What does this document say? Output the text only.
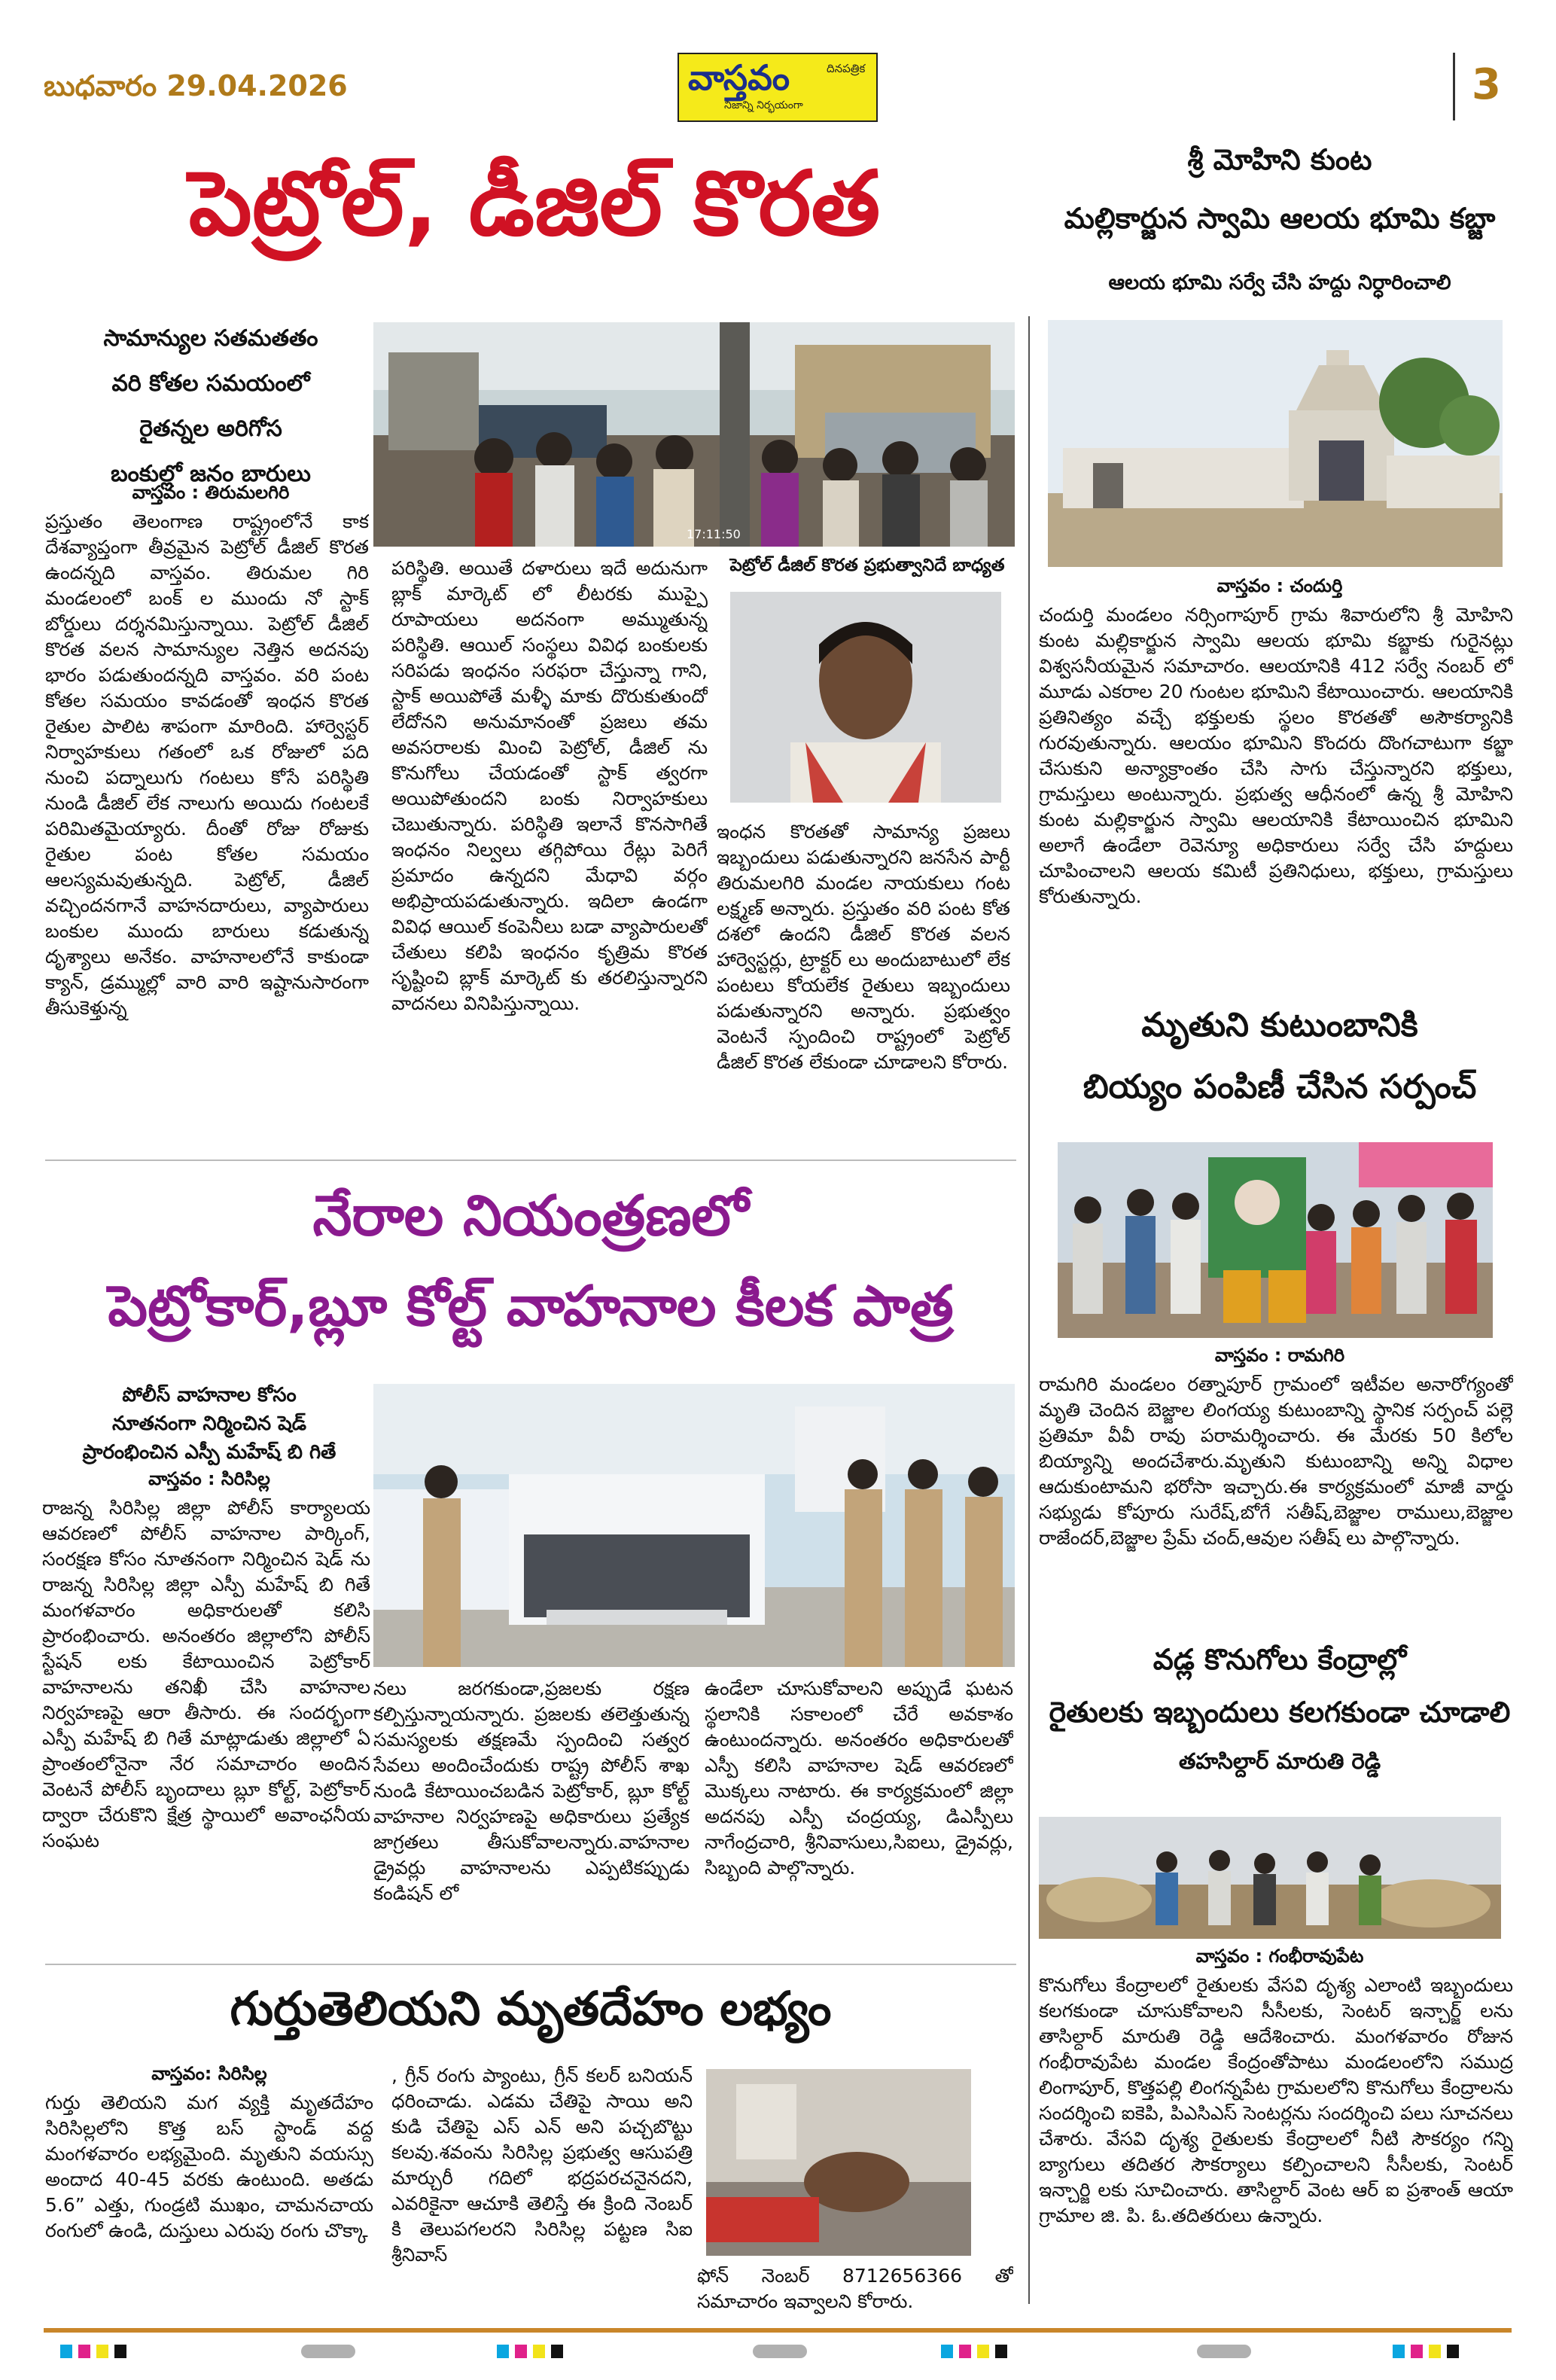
బుధవారం 29.04.2026	వాస్తవం	దినపత్రిక
నిజాన్ని నిర్భయంగా	3
పెట్రోల్, డీజిల్ కొరత
సామాన్యుల సతమతతం
వరి కోతల సమయంలో
రైతన్నల అరిగోస
బంకుల్లో జనం బారులు
వాస్తవం : తిరుమలగిరి

ప్రస్తుతం తెలంగాణ రాష్ట్రంలోనే కాక దేశవ్యాప్తంగా తీవ్రమైన పెట్రోల్ డీజిల్ కొరత ఉందన్నది వాస్తవం. తిరుమల గిరి మండలంలో బంక్ ల ముందు నో స్టాక్ బోర్డులు దర్శనమిస్తున్నాయి. పెట్రోల్ డీజిల్ కొరత వలన సామాన్యుల నెత్తిన అదనపు భారం పడుతుందన్నది వాస్తవం. వరి పంట కోతల సమయం కావడంతో ఇంధన కొరత రైతుల పాలిట శాపంగా మారింది. హార్వెస్టర్ నిర్వాహకులు గతంలో ఒక రోజులో పది నుంచి పద్నాలుగు గంటలు కోసే పరిస్థితి నుండి డీజిల్ లేక నాలుగు అయిదు గంటలకే పరిమితమైయ్యారు. దీంతో రోజు రోజుకు రైతుల పంట కోతల సమయం ఆలస్యమవుతున్నది. పెట్రోల్, డీజిల్ వచ్చిందనగానే వాహనదారులు, వ్యాపారులు బంకుల ముందు బారులు కడుతున్న దృశ్యాలు అనేకం. వాహనాలలోనే కాకుండా క్యాన్, డ్రమ్ముల్లో వారి వారి ఇష్టానుసారంగా తీసుకెళ్తున్న

17:11:50

పరిస్థితి. అయితే దళారులు ఇదే అదునుగా బ్లాక్ మార్కెట్ లో లీటరకు ముప్పై రూపాయలు అదనంగా అమ్ముతున్న పరిస్థితి. ఆయిల్ సంస్థలు వివిధ బంకులకు సరిపడు ఇంధనం సరఫరా చేస్తున్నా గాని, స్టాక్ అయిపోతే మళ్ళీ మాకు దొరుకుతుందో లేదోనని అనుమానంతో ప్రజలు తమ అవసరాలకు మించి పెట్రోల్, డీజిల్ ను కొనుగోలు చేయడంతో స్టాక్ త్వరగా అయిపోతుందని బంకు నిర్వాహకులు చెబుతున్నారు. పరిస్థితి ఇలానే కొనసాగితే ఇంధనం నిల్వలు తగ్గిపోయి రేట్లు పెరిగే ప్రమాదం ఉన్నదని మేధావి వర్గం అభిప్రాయపడుతున్నారు. ఇదిలా ఉండగా వివిధ ఆయిల్ కంపెనీలు బడా వ్యాపారులతో చేతులు కలిపి ఇంధనం కృత్రిమ కొరత సృష్టించి బ్లాక్ మార్కెట్ కు తరలిస్తున్నారని వాదనలు వినిపిస్తున్నాయి.

పెట్రోల్ డీజిల్ కొరత ప్రభుత్వానిదే బాధ్యత

ఇంధన కొరతతో సామాన్య ప్రజలు ఇబ్బందులు పడుతున్నారని జనసేన పార్టీ తిరుమలగిరి మండల నాయకులు గంట లక్ష్మణ్ అన్నారు. ప్రస్తుతం వరి పంట కోత దశలో ఉందని డీజిల్ కొరత వలన హార్వెస్టర్లు, ట్రాక్టర్ లు అందుబాటులో లేక పంటలు కోయలేక రైతులు ఇబ్బందులు పడుతున్నారని అన్నారు. ప్రభుత్వం వెంటనే స్పందించి రాష్ట్రంలో పెట్రోల్ డీజిల్ కొరత లేకుండా చూడాలని కోరారు.

శ్రీ మోహిని కుంట
మల్లికార్జున స్వామి ఆలయ భూమి కబ్జా
ఆలయ భూమి సర్వే చేసి హద్దు నిర్ధారించాలి
వాస్తవం : చందుర్తి

చందుర్తి మండలం నర్సింగాపూర్ గ్రామ శివారులోని శ్రీ మోహిని కుంట మల్లికార్జున స్వామి ఆలయ భూమి కబ్జాకు గురైనట్లు విశ్వసనీయమైన సమాచారం. ఆలయానికి 412 సర్వే నంబర్ లో మూడు ఎకరాల 20 గుంటల భూమిని కేటాయించారు. ఆలయానికి ప్రతినిత్యం వచ్చే భక్తులకు స్థలం కొరతతో అసౌకర్యానికి గురవుతున్నారు. ఆలయం భూమిని కొందరు దొంగచాటుగా కబ్జా చేసుకుని అన్యాక్రాంతం చేసి సాగు చేస్తున్నారని భక్తులు, గ్రామస్తులు అంటున్నారు. ప్రభుత్వ ఆధీనంలో ఉన్న శ్రీ మోహిని కుంట మల్లికార్జున స్వామి ఆలయానికి కేటాయించిన భూమిని అలాగే ఉండేలా రెవెన్యూ అధికారులు సర్వే చేసి హద్దులు చూపించాలని ఆలయ కమిటీ ప్రతినిధులు, భక్తులు, గ్రామస్తులు కోరుతున్నారు.

మృతుని కుటుంబానికి
బియ్యం పంపిణీ చేసిన సర్పంచ్
వాస్తవం : రామగిరి

రామగిరి మండలం రత్నాపూర్ గ్రామంలో ఇటీవల అనారోగ్యంతో మృతి చెందిన బెజ్జాల లింగయ్య కుటుంబాన్ని స్థానిక సర్పంచ్ పల్లె ప్రతిమా వీవీ రావు పరామర్శించారు. ఈ మేరకు 50 కిలోల బియ్యాన్ని అందచేశారు.మృతుని కుటుంబాన్ని అన్ని విధాల ఆదుకుంటామని భరోసా ఇచ్చారు.ఈ కార్యక్రమంలో మాజీ వార్డు సభ్యుడు కోపూరు సురేష్,బోగే సతీష్,బెజ్జాల రాములు,బెజ్జాల రాజేందర్,బెజ్జాల ప్రేమ్ చంద్,ఆవుల సతీష్ లు పాల్గొన్నారు.

వడ్ల కొనుగోలు కేంద్రాల్లో
రైతులకు ఇబ్బందులు కలగకుండా చూడాలి
తహసిల్దార్ మారుతి రెడ్డి
వాస్తవం : గంభీరావుపేట

కొనుగోలు కేంద్రాలలో రైతులకు వేసవి దృశ్య ఎలాంటి ఇబ్బందులు కలగకుండా చూసుకోవాలని సీసీలకు, సెంటర్ ఇన్చార్జ్ లను తాసిల్దార్ మారుతి రెడ్డి ఆదేశించారు. మంగళవారం రోజున గంభీరావుపేట మండల కేంద్రంతోపాటు మండలంలోని సముద్ర లింగాపూర్, కొత్తపల్లి లింగన్నపేట గ్రామలలోని కొనుగోలు కేంద్రాలను సందర్శించి ఐకెపి, పిఎసిఎస్ సెంటర్లను సందర్శించి పలు సూచనలు చేశారు. వేసవి దృశ్య రైతులకు కేంద్రాలలో నీటి సౌకర్యం గన్ని బ్యాగులు తదితర సౌకర్యాలు కల్పించాలని సీసీలకు, సెంటర్ ఇన్చార్జి లకు సూచించారు. తాసిల్దార్ వెంట ఆర్ ఐ ప్రశాంత్ ఆయా గ్రామాల జి. పి. ఓ.తదితరులు ఉన్నారు.

నేరాల నియంత్రణలో
పెట్రోకార్,బ్లూ కోల్ట్ వాహనాల కీలక పాత్ర
పోలీస్ వాహనాల కోసం
నూతనంగా నిర్మించిన షెడ్
ప్రారంభించిన ఎస్పీ మహేష్ బి గితే
వాస్తవం : సిరిసిల్ల

రాజన్న సిరిసిల్ల జిల్లా పోలీస్ కార్యాలయ ఆవరణలో పోలీస్ వాహనాల పార్కింగ్, సంరక్షణ కోసం నూతనంగా నిర్మించిన షెడ్ ను రాజన్న సిరిసిల్ల జిల్లా ఎస్పీ మహేష్ బి గితే మంగళవారం అధికారులతో కలిసి ప్రారంభించారు. అనంతరం జిల్లాలోని పోలీస్ స్టేషన్ లకు కేటాయించిన పెట్రోకార్ వాహనాలను తనిఖీ చేసి వాహనాల నిర్వహణపై ఆరా తీసారు. ఈ సందర్భంగా ఎస్పీ మహేష్ బి గితే మాట్లాడుతు జిల్లాలో ఏ ప్రాంతంలోనైనా నేర సమాచారం అందిన వెంటనే పోలీస్ బృందాలు బ్లూ కోల్ట్, పెట్రోకార్ ద్వారా చేరుకొని క్షేత్ర స్థాయిలో అవాంఛనీయ సంఘట

నలు జరగకుండా,ప్రజలకు రక్షణ కల్పిస్తున్నాయన్నారు. ప్రజలకు తలెత్తుతున్న సమస్యలకు తక్షణమే స్పందించి సత్వర సేవలు అందించేందుకు రాష్ట్ర పోలీస్ శాఖ నుండి కేటాయించబడిన పెట్రోకార్, బ్లూ కోల్ట్ వాహనాల నిర్వహణపై అధికారులు ప్రత్యేక జాగ్రతలు తీసుకోవాలన్నారు.వాహనాల డ్రైవర్లు వాహనాలను ఎప్పటికప్పుడు కండిషన్ లో

ఉండేలా చూసుకోవాలని అప్పుడే ఘటన స్థలానికి సకాలంలో చేరే అవకాశం ఉంటుందన్నారు. అనంతరం అధికారులతో ఎస్పీ కలిసి వాహనాల షెడ్ ఆవరణలో మొక్కలు నాటారు. ఈ కార్యక్రమంలో జిల్లా అదనపు ఎస్పీ చంద్రయ్య, డిఎస్పీలు నాగేంద్రచారి, శ్రీనివాసులు,సిఐలు, డ్రైవర్లు, సిబ్బంది పాల్గొన్నారు.

గుర్తుతెలియని మృతదేహం లభ్యం
వాస్తవం: సిరిసిల్ల

గుర్తు తెలియని మగ వ్యక్తి మృతదేహం సిరిసిల్లలోని కొత్త బస్ స్టాండ్ వద్ద మంగళవారం లభ్యమైంది. మృతుని వయస్సు అందాద 40-45 వరకు ఉంటుంది. అతడు 5.6” ఎత్తు, గుండ్రటి ముఖం, చామనచాయ రంగులో ఉండి, దుస్తులు ఎరుపు రంగు చొక్కా

, గ్రీన్ రంగు ప్యాంటు, గ్రీన్ కలర్ బనియన్ ధరించాడు. ఎడమ చేతిపై సాయి అని కుడి చేతిపై ఎస్ ఎన్ అని పచ్చబొట్టు కలవు.శవంను సిరిసిల్ల ప్రభుత్వ ఆసుపత్రి మార్చురీ గదిలో భద్రపరచనైనదని, ఎవరికైనా ఆచూకి తెలిస్తే ఈ క్రింది నెంబర్ కి తెలుపగలరని సిరిసిల్ల పట్టణ సిఐ శ్రీనివాస్

ఫోన్ నెంబర్ 8712656366 తో సమాచారం ఇవ్వాలని కోరారు.
